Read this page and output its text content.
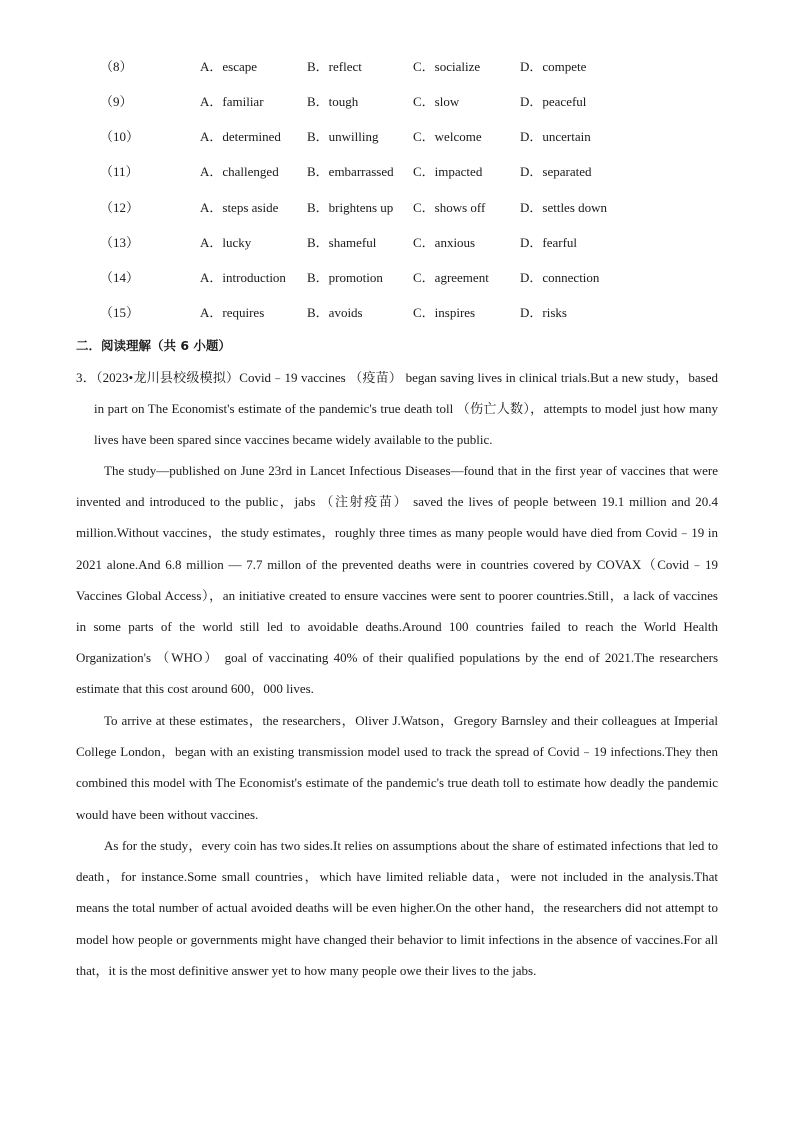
（8）	A．escape	B．reflect	C．socialize	D．compete
（9）	A．familiar	B．tough	C．slow	D．peaceful
（10）	A．determined B．unwilling	C．welcome	D．uncertain
（11）	A．challenged B．embarrassed C．impacted	D．separated
（12）	A．steps aside B．brightens up C．shows off	D．settles down
（13）	A．lucky	B．shameful	C．anxious	D．fearful
（14）	A．introduction B．promotion C．agreement D．connection
（15）	A．requires	B．avoids	C．inspires	D．risks
二．阅读理解（共 6 小题）
3．（2023•龙川县校级模拟）Covid﹣19 vaccines （疫苗） began saving lives in clinical trials.But a new study，based in part on The Economist's estimate of the pandemic's true death toll （伤亡人数），attempts to model just how many lives have been spared since vaccines became widely available to the public.
The study—published on June 23rd in Lancet Infectious Diseases—found that in the first year of vaccines that were invented and introduced to the public，jabs （注射疫苗） saved the lives of people between 19.1 million and 20.4 million.Without vaccines，the study estimates，roughly three times as many people would have died from Covid﹣19 in 2021 alone.And 6.8 million — 7.7 millon of the prevented deaths were in countries covered by COVAX（Covid﹣19 Vaccines Global Access），an initiative created to ensure vaccines were sent to poorer countries.Still，a lack of vaccines in some parts of the world still led to avoidable deaths.Around 100 countries failed to reach the World Health Organization's （WHO） goal of vaccinating 40% of their qualified populations by the end of 2021.The researchers estimate that this cost around 600，000 lives.
To arrive at these estimates，the researchers，Oliver J.Watson，Gregory Barnsley and their colleagues at Imperial College London，began with an existing transmission model used to track the spread of Covid﹣19 infections.They then combined this model with The Economist's estimate of the pandemic's true death toll to estimate how deadly the pandemic would have been without vaccines.
As for the study，every coin has two sides.It relies on assumptions about the share of estimated infections that led to death，for instance.Some small countries，which have limited reliable data，were not included in the analysis.That means the total number of actual avoided deaths will be even higher.On the other hand，the researchers did not attempt to model how people or governments might have changed their behavior to limit infections in the absence of vaccines.For all that，it is the most definitive answer yet to how many people owe their lives to the jabs.
